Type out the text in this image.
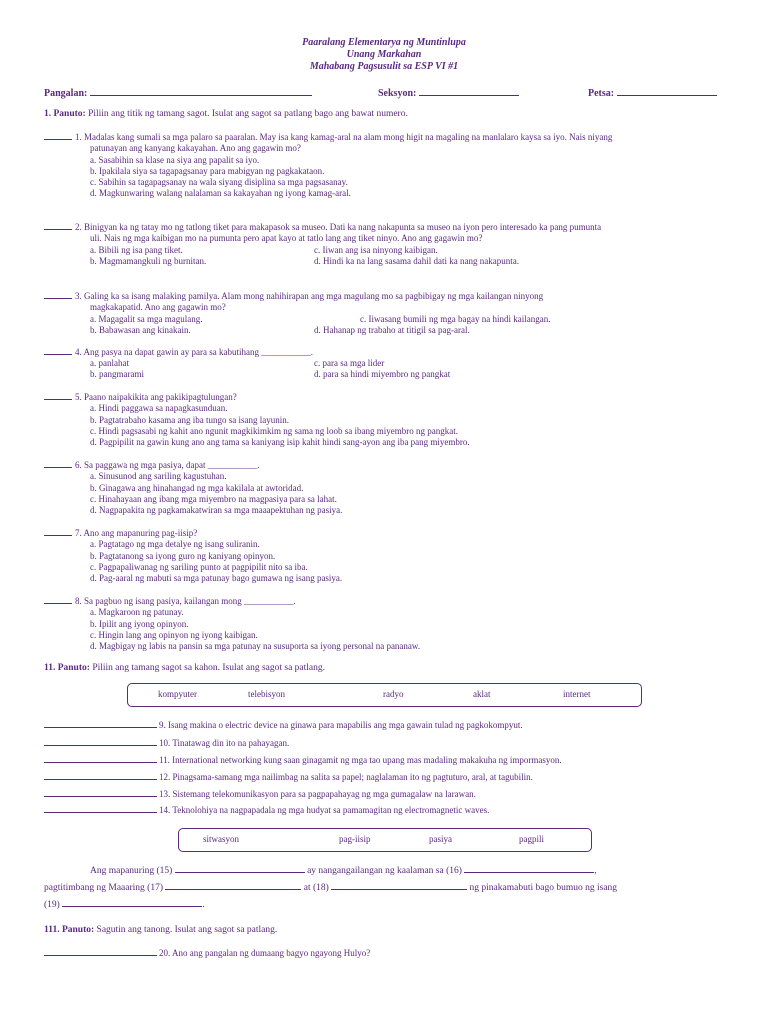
Paaralang Elementarya ng Muntinlupa
Unang Markahan
Mahabang Pagsusulit sa ESP VI #1
Pangalan:	Seksyon:	Petsa:
1. Panuto: Piliin ang titik ng tamang sagot. Isulat ang sagot sa patlang bago ang bawat numero.
1. Madalas kang sumali sa mga palaro sa paaralan. May isa kang kamag-aral na alam mong higit na magaling na manlalaro kaysa sa iyo. Nais niyang
patunayan ang kanyang kakayahan. Ano ang gagawin mo?
a. Sasabihin sa klase na siya ang papalit sa iyo.
b. Ipakilala siya sa tagapagsanay para mabigyan ng pagkakataon.
c. Sabihin sa tagapagsanay na wala siyang disiplina sa mga pagsasanay.
d. Magkunwaring walang nalalaman sa kakayahan ng iyong kamag-aral.
2. Binigyan ka ng tatay mo ng tatlong tiket para makapasok sa museo. Dati ka nang nakapunta sa museo na iyon pero interesado ka pang pumunta
uli. Nais ng mga kaibigan mo na pumunta pero apat kayo at tatlo lang ang tiket ninyo. Ano ang gagawin mo?
a. Bibili ng isa pang tiket.	c. Iiwan ang isa ninyong kaibigan.
b. Magmamangkuli ng burnitan.	d. Hindi ka na lang sasama dahil dati ka nang nakapunta.
3. Galing ka sa isang malaking pamilya. Alam mong nahihirapan ang mga magulang mo sa pagbibigay ng mga kailangan ninyong
magkakapatid. Ano ang gagawin mo?
a. Magagalit sa mga magulang.	c. Iiwasang bumili ng mga bagay na hindi kailangan.
b. Babawasan ang kinakain.	d. Hahanap ng trabaho at titigil sa pag-aral.
4. Ang pasya na dapat gawin ay para sa kabutihang ___________.
a. panlahat	c. para sa mga lider
b. pangmarami	d. para sa hindi miyembro ng pangkat
5. Paano naipakikita ang pakikipagtulungan?
a. Hindi paggawa sa napagkasunduan.
b. Pagtatrabaho kasama ang iba tungo sa isang layunin.
c. Hindi pagsasabi ng kahit ano ngunit magkikimkim ng sama ng loob sa ibang miyembro ng pangkat.
d. Pagpipilit na gawin kung ano ang tama sa kaniyang isip kahit hindi sang-ayon ang iba pang miyembro.
6. Sa paggawa ng mga pasiya, dapat ___________.
a. Sinusunod ang sariling kagustuhan.
b. Ginagawa ang hinahangad ng mga kakilala at awtoridad.
c. Hinahayaan ang ibang mga miyembro na magpasiya para sa lahat.
d. Nagpapakita ng pagkamakatwiran sa mga maaapektuhan ng pasiya.
7. Ano ang mapanuring pag-iisip?
a. Pagtatago ng mga detalye ng isang suliranin.
b. Pagtatanong sa iyong guro ng kaniyang opinyon.
c. Pagpapaliwanag ng sariling punto at pagpipilit nito sa iba.
d. Pag-aaral ng mabuti sa mga patunay bago gumawa ng isang pasiya.
8. Sa pagbuo ng isang pasiya, kailangan mong ___________.
a. Magkaroon ng patunay.
b. Ipilit ang iyong opinyon.
c. Hingin lang ang opinyon ng iyong kaibigan.
d. Magbigay ng labis na pansin sa mga patunay na susuporta sa iyong personal na pananaw.
11. Panuto: Piliin ang tamang sagot sa kahon. Isulat ang sagot sa patlang.
kompyuter	telebisyon	radyo	aklat	internet
9. Isang makina o electric device na ginawa para mapabilis ang mga gawain tulad ng pagkokompyut.
10. Tinatawag din ito na pahayagan.
11. International networking kung saan ginagamit ng mga tao upang mas madaling makakuha ng impormasyon.
12. Pinagsama-samang mga nailimbag na salita sa papel; naglalaman ito ng pagtuturo, aral, at tagubilin.
13. Sistemang telekomunikasyon para sa pagpapahayag ng mga gumagalaw na larawan.
14. Teknolohiya na nagpapadala ng mga hudyat sa pamamagitan ng electromagnetic waves.
sitwasyon	pag-iisip	pasiya	pagpili
Ang mapanuring (15)	ay nangangailangan ng kaalaman sa (16)	,
pagtitimbang ng Maaaring (17)	at (18)	ng pinakamabuti bago bumuo ng isang
(19)	.
111. Panuto: Sagutin ang tanong. Isulat ang sagot sa patlang.
20. Ano ang pangalan ng dumaang bagyo ngayong Hulyo?
